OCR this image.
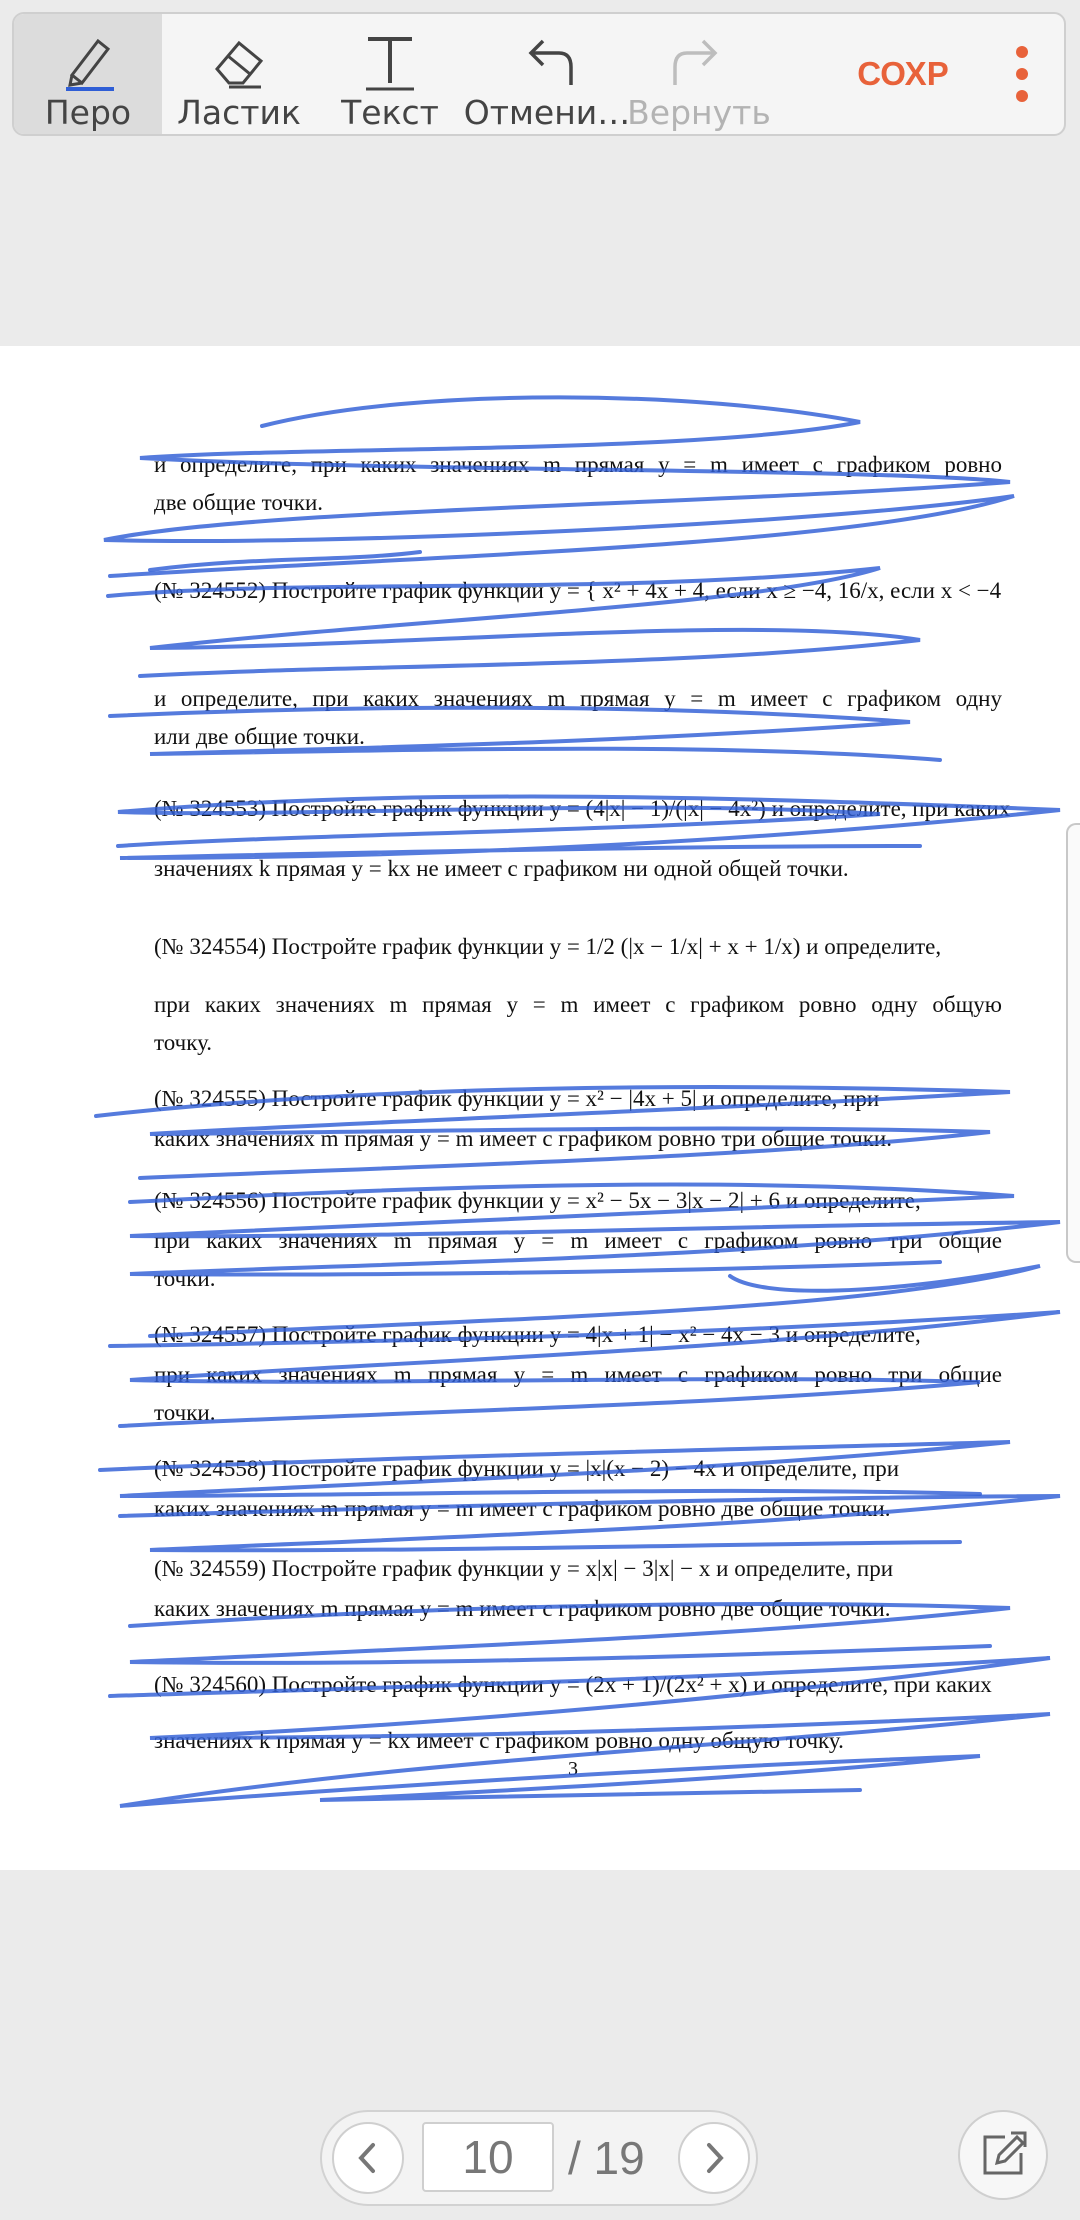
Перо Ластик Текст Отмени…
Вернуть
СОХР
и определите, при каких значениях m прямая y = m имеет с графиком ровно
две общие точки.
(№ 324552) Постройте график функции y = { x² + 4x + 4, если x ≥ −4, 16/x, если x < −4
и определите, при каких значениях m прямая y = m имеет с графиком одну
или две общие точки.
(№ 324553) Постройте график функции y = (4|x| − 1)/(|x| − 4x²) и определите, при каких
значениях k прямая y = kx не имеет с графиком ни одной общей точки.
(№ 324554) Постройте график функции y = 1/2 (|x − 1/x| + x + 1/x) и определите,
при каких значениях m прямая y = m имеет с графиком ровно одну общую
точку.
(№ 324555) Постройте график функции y = x² − |4x + 5| и определите, при
каких значениях m прямая y = m имеет с графиком ровно три общие точки.
(№ 324556) Постройте график функции y = x² − 5x − 3|x − 2| + 6 и определите,
при каких значениях m прямая y = m имеет с графиком ровно три общие
точки.
(№ 324557) Постройте график функции y = 4|x + 1| − x² − 4x − 3 и определите,
при каких значениях m прямая y = m имеет с графиком ровно три общие
точки.
(№ 324558) Постройте график функции y = |x|(x − 2) − 4x и определите, при
каких значениях m прямая y = m имеет с графиком ровно две общие точки.
(№ 324559) Постройте график функции y = x|x| − 3|x| − x и определите, при
каких значениях m прямая y = m имеет с графиком ровно две общие точки.
(№ 324560) Постройте график функции y = (2x + 1)/(2x² + x) и определите, при каких
значениях k прямая y = kx имеет с графиком ровно одну общую точку.
3
10	/ 19
